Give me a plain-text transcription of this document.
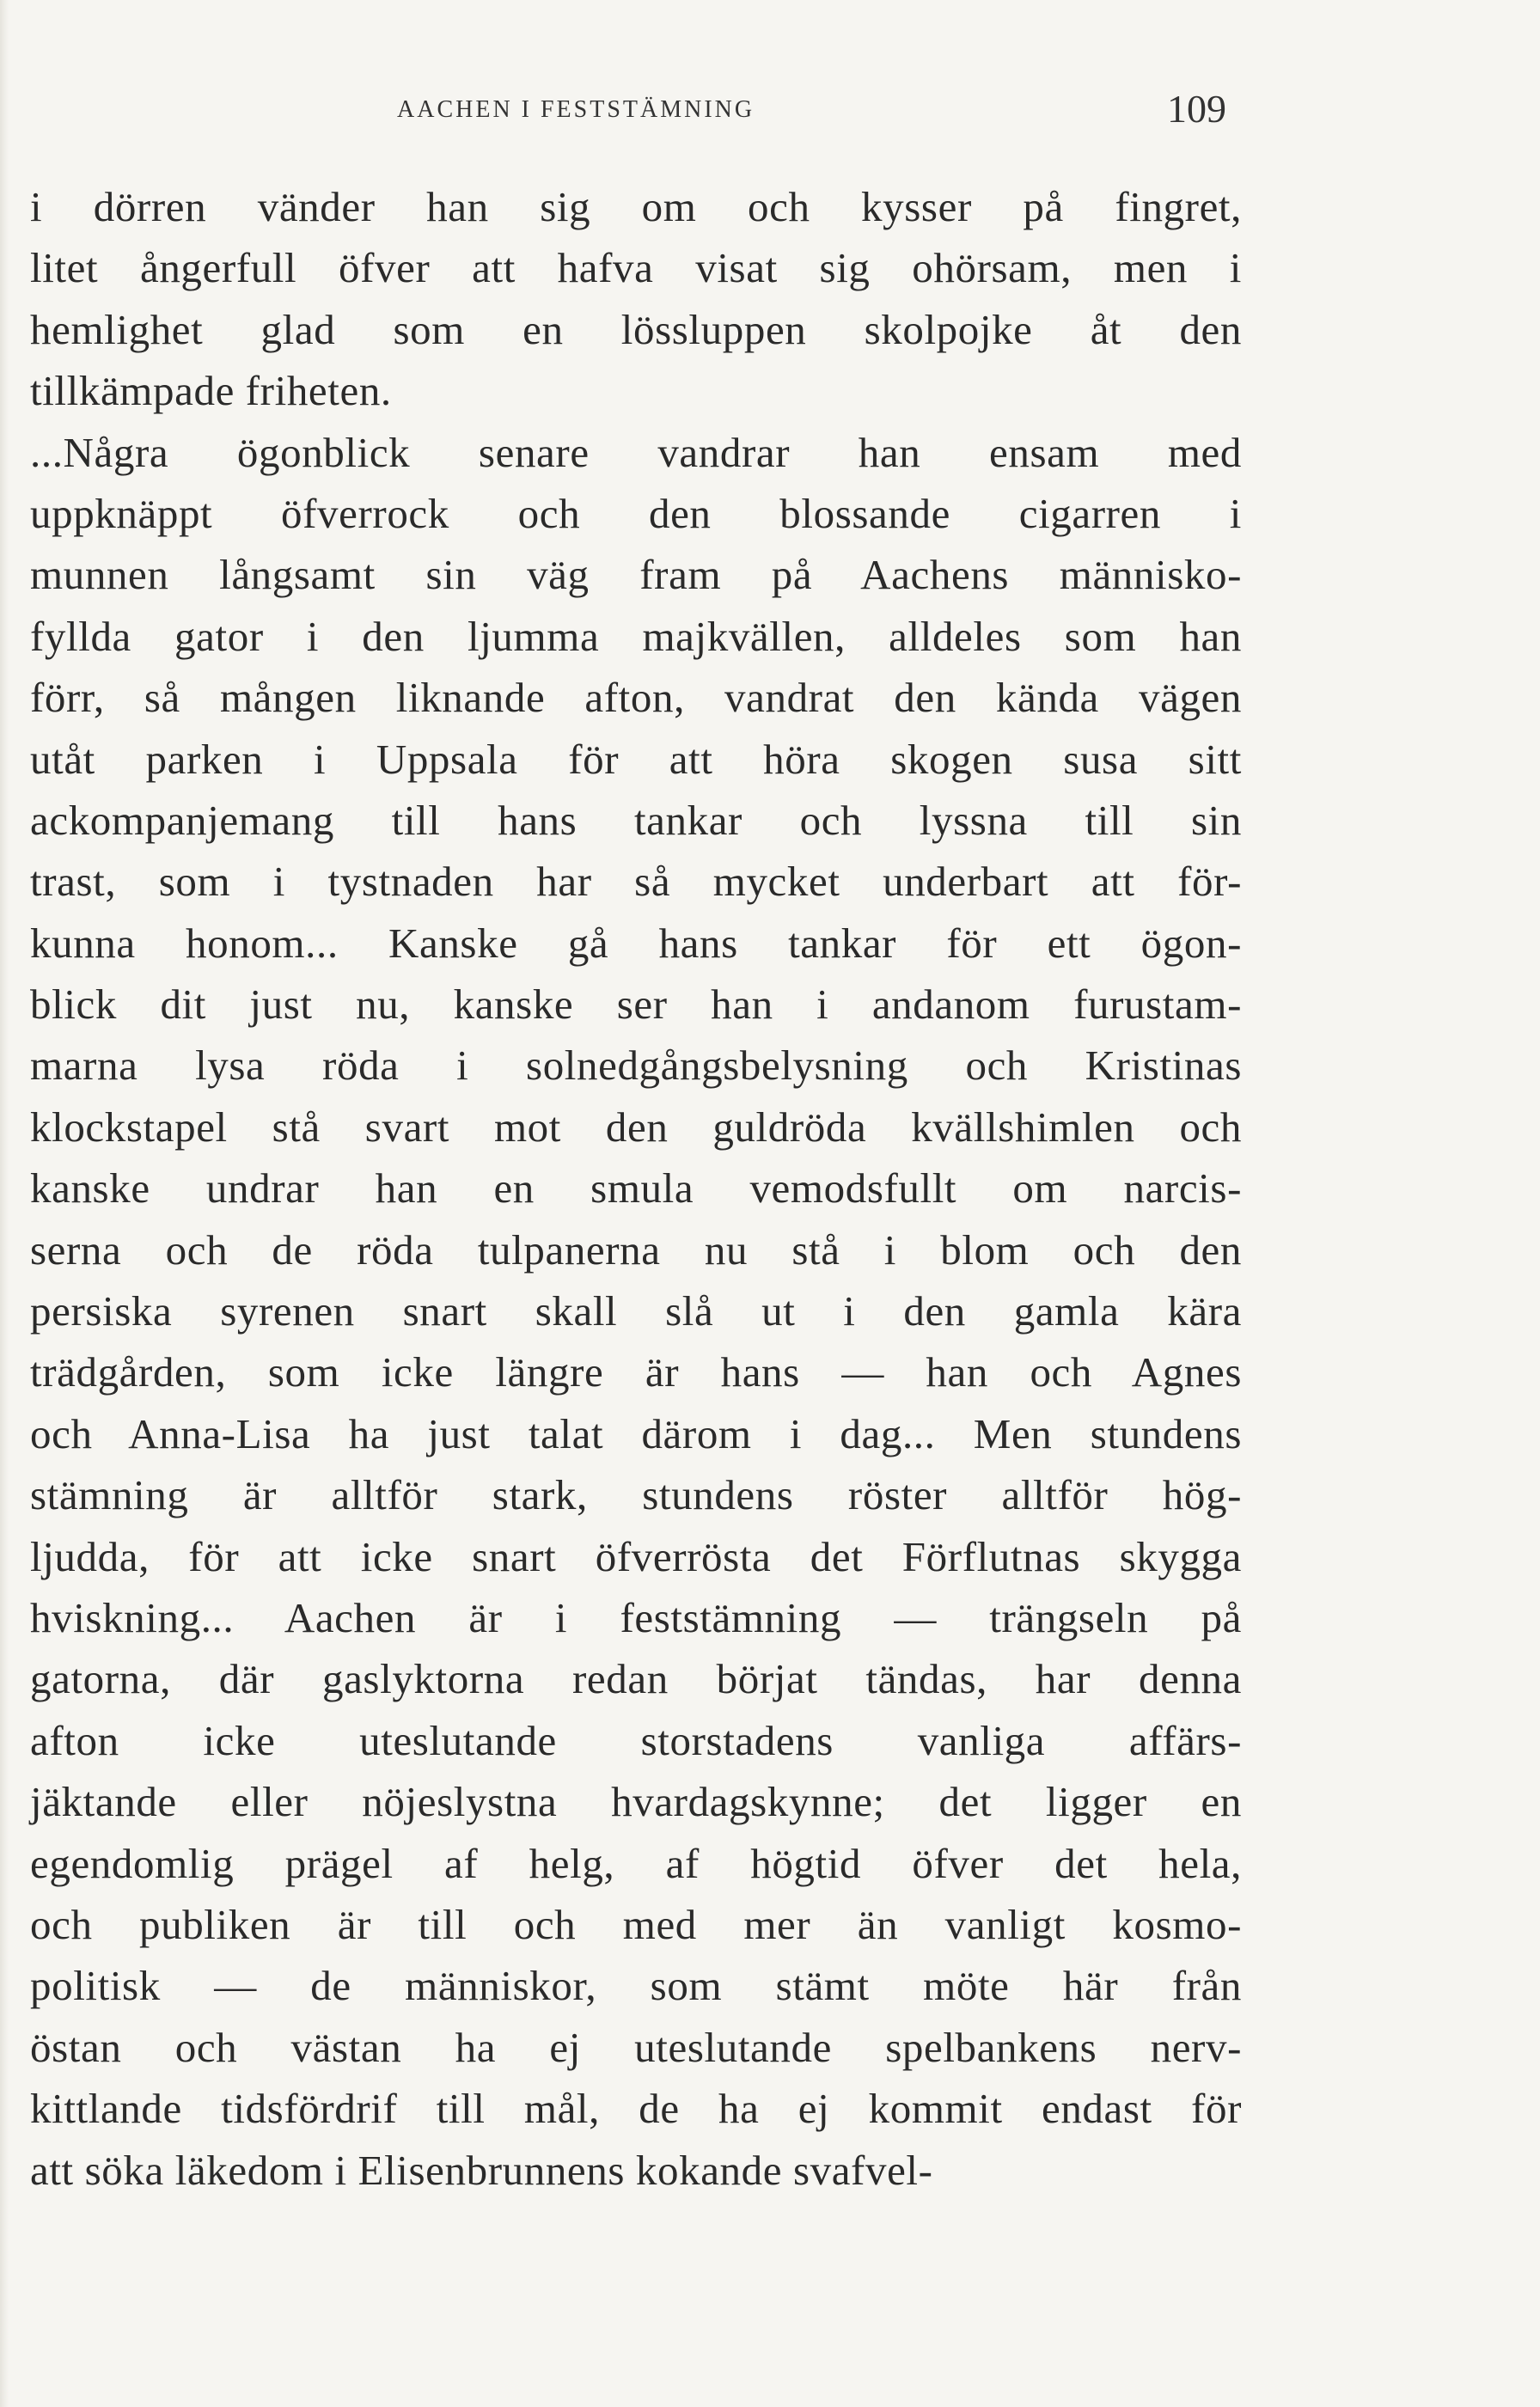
AACHEN I FESTSTÄMNING	109
i dörren vänder han sig om och kysser på fingret,
litet ångerfull öfver att hafva visat sig ohörsam, men i
hemlighet glad som en lössluppen skolpojke åt den
tillkämpade friheten.
...Några ögonblick senare vandrar han ensam med
uppknäppt öfverrock och den blossande cigarren i
munnen långsamt sin väg fram på Aachens människo-
fyllda gator i den ljumma majkvällen, alldeles som han
förr, så mången liknande afton, vandrat den kända vägen
utåt parken i Uppsala för att höra skogen susa sitt
ackompanjemang till hans tankar och lyssna till sin
trast, som i tystnaden har så mycket underbart att för-
kunna honom... Kanske gå hans tankar för ett ögon-
blick dit just nu, kanske ser han i andanom furustam-
marna lysa röda i solnedgångsbelysning och Kristinas
klockstapel stå svart mot den guldröda kvällshimlen och
kanske undrar han en smula vemodsfullt om narcis-
serna och de röda tulpanerna nu stå i blom och den
persiska syrenen snart skall slå ut i den gamla kära
trädgården, som icke längre är hans — han och Agnes
och Anna-Lisa ha just talat därom i dag... Men stundens
stämning är alltför stark, stundens röster alltför hög-
ljudda, för att icke snart öfverrösta det Förflutnas skygga
hviskning... Aachen är i feststämning — trängseln på
gatorna, där gaslyktorna redan börjat tändas, har denna
afton icke uteslutande storstadens vanliga affärs-
jäktande eller nöjeslystna hvardagskynne; det ligger en
egendomlig prägel af helg, af högtid öfver det hela,
och publiken är till och med mer än vanligt kosmo-
politisk — de människor, som stämt möte här från
östan och västan ha ej uteslutande spelbankens nerv-
kittlande tidsfördrif till mål, de ha ej kommit endast för
att söka läkedom i Elisenbrunnens kokande svafvel-
